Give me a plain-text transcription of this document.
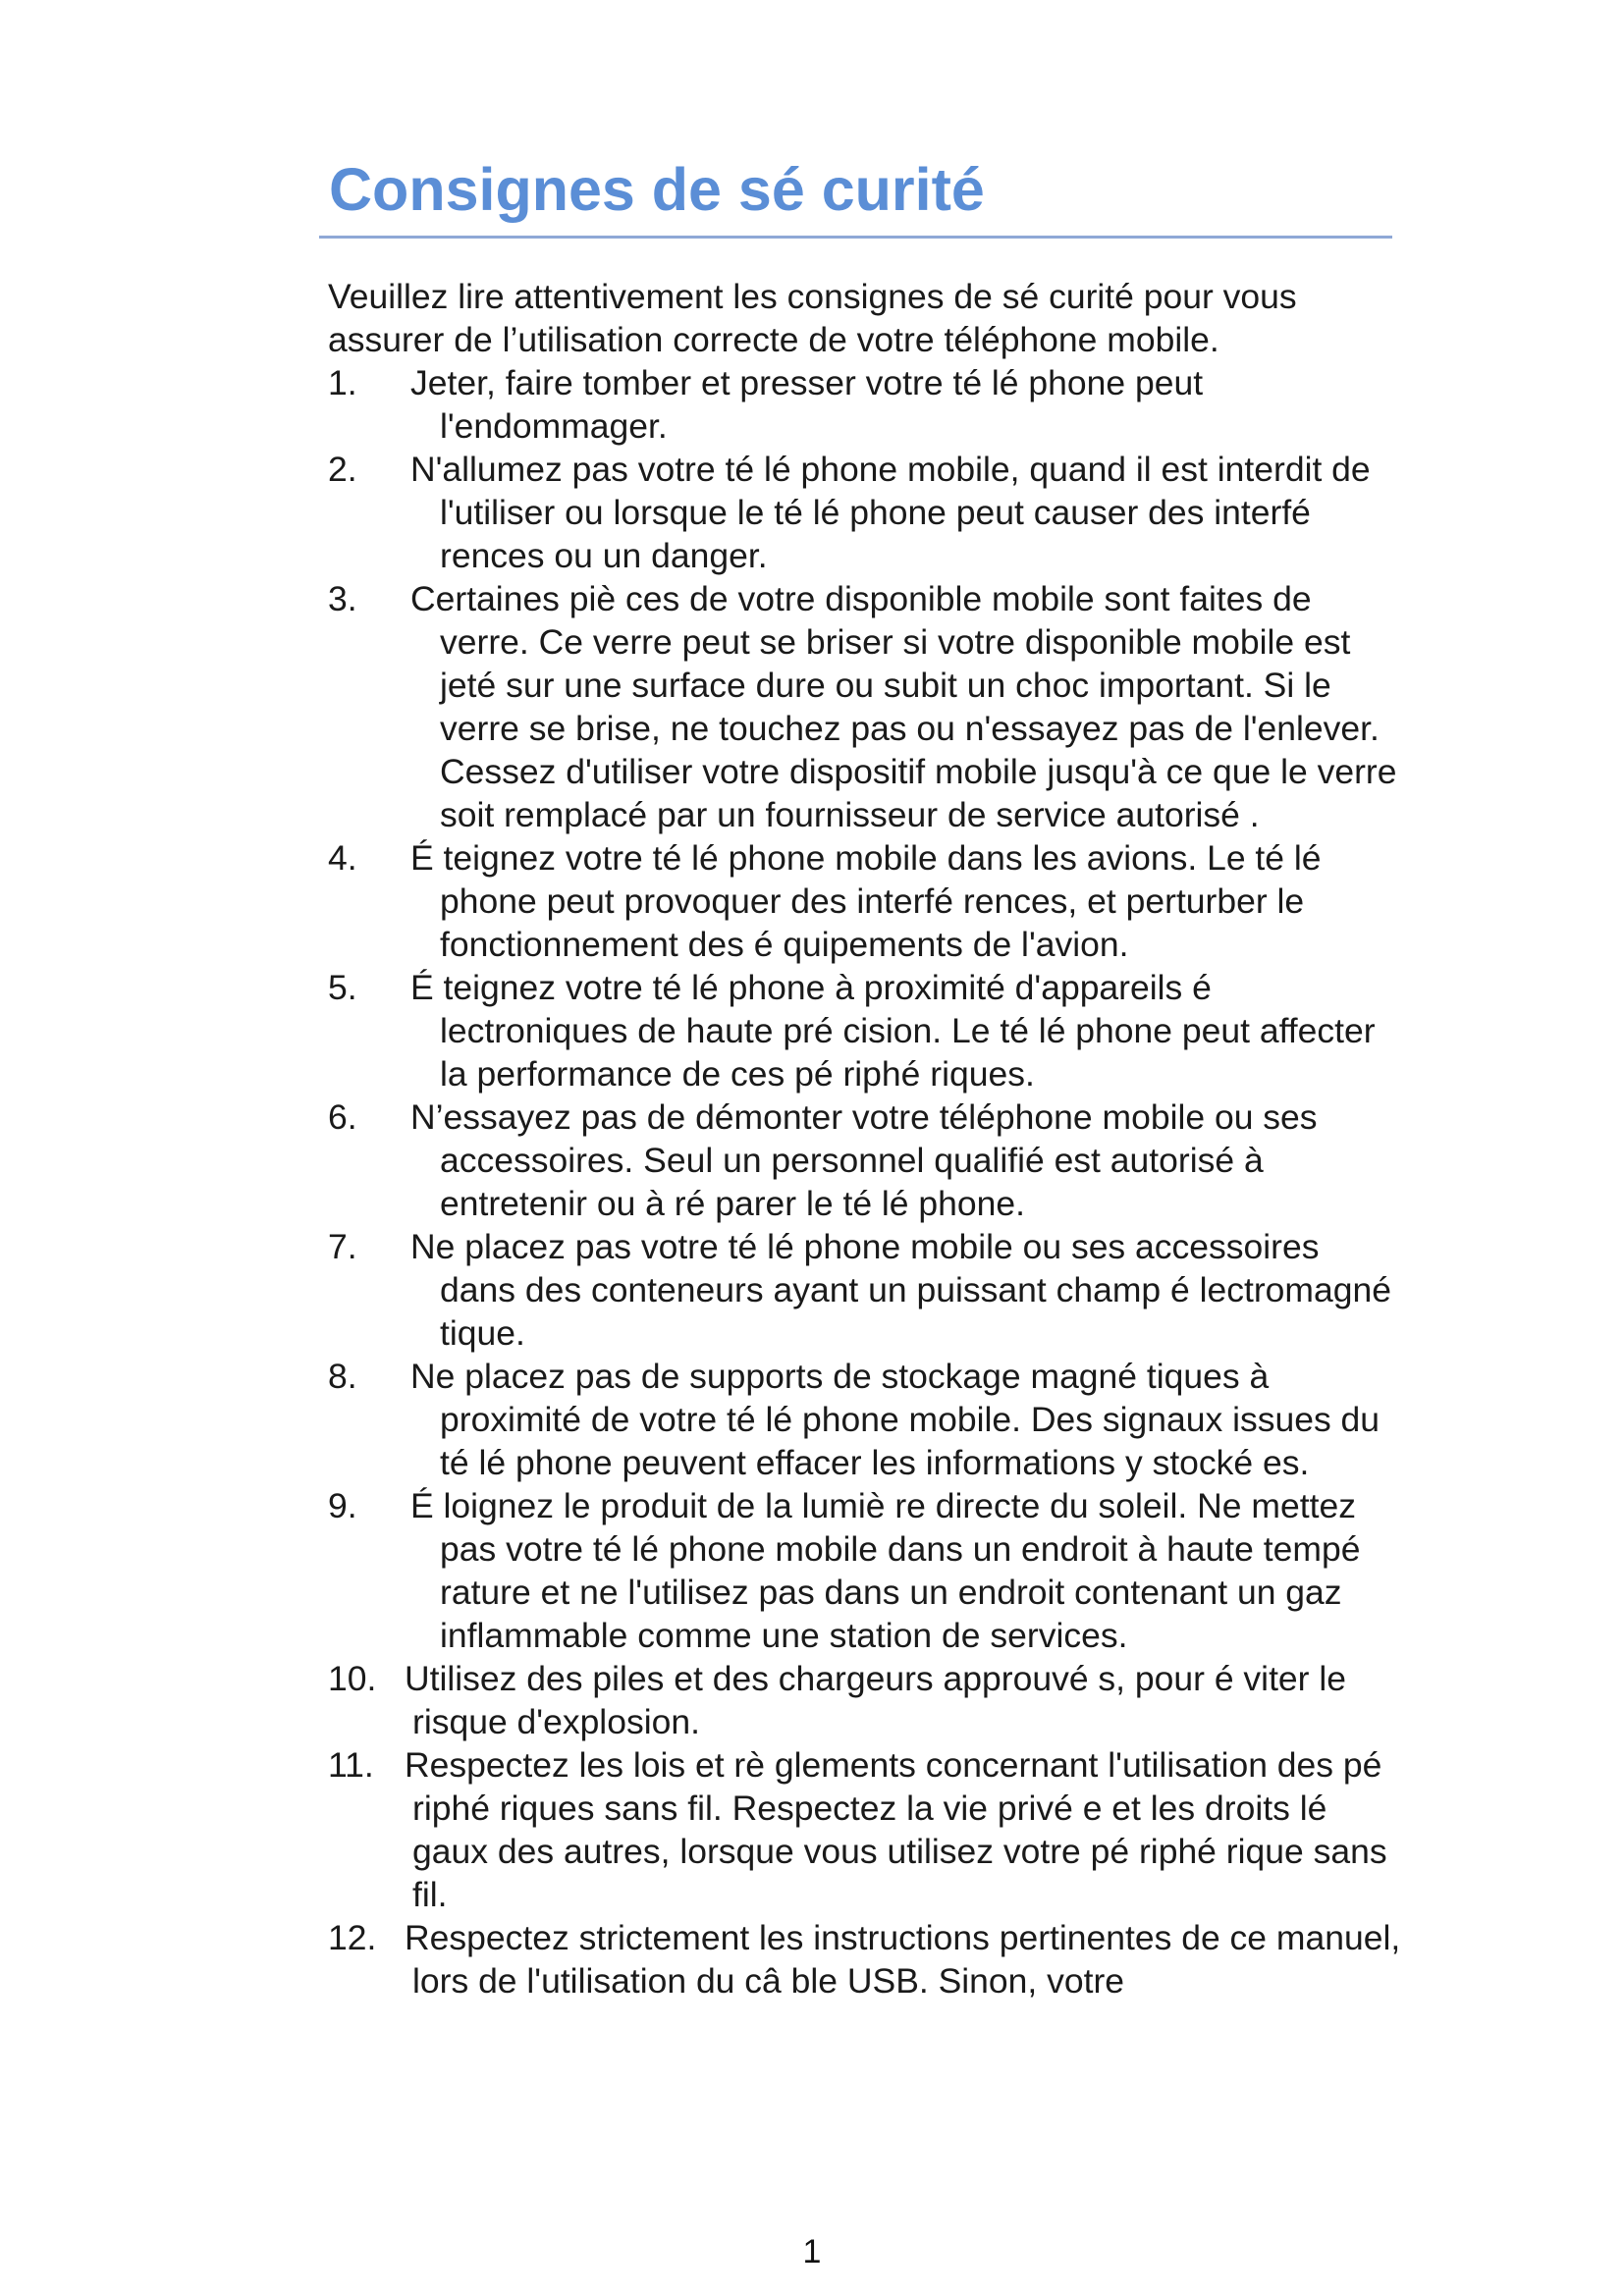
Consignes de sé curité

Veuillez lire attentivement les consignes de sé curité pour vous assurer de l’utilisation correcte de votre téléphone mobile.

1.	Jeter, faire tomber et presser votre té lé phone peut l'endommager.
2.	N'allumez pas votre té lé phone mobile, quand il est interdit de l'utiliser ou lorsque le té lé phone peut causer des interfé rences ou un danger.
3.	Certaines piè ces de votre disponible mobile sont faites de verre. Ce verre peut se briser si votre disponible mobile est jeté sur une surface dure ou subit un choc important. Si le verre se brise, ne touchez pas ou n'essayez pas de l'enlever. Cessez d'utiliser votre dispositif mobile jusqu'à ce que le verre soit remplacé par un fournisseur de service autorisé .
4.	É teignez votre té lé phone mobile dans les avions. Le té lé phone peut provoquer des interfé rences, et perturber le fonctionnement des é quipements de l'avion.
5.	É teignez votre té lé phone à proximité d'appareils é lectroniques de haute pré cision. Le té lé phone peut affecter la performance de ces pé riphé riques.
6.	N’essayez pas de démonter votre téléphone mobile ou ses accessoires. Seul un personnel qualifié est autorisé à entretenir ou à ré parer le té lé phone.
7.	Ne placez pas votre té lé phone mobile ou ses accessoires dans des conteneurs ayant un puissant champ é lectromagné tique.
8.	Ne placez pas de supports de stockage magné tiques à proximité de votre té lé phone mobile. Des signaux issues du té lé phone peuvent effacer les informations y stocké es.
9.	É loignez le produit de la lumiè re directe du soleil. Ne mettez pas votre té lé phone mobile dans un endroit à haute tempé rature et ne l'utilisez pas dans un endroit contenant un gaz inflammable comme une station de services.
10. Utilisez des piles et des chargeurs approuvé s, pour é viter le risque d'explosion.
11. Respectez les lois et rè glements concernant l'utilisation des pé riphé riques sans fil. Respectez la vie privé e et les droits lé gaux des autres, lorsque vous utilisez votre pé riphé rique sans fil.
12. Respectez strictement les instructions pertinentes de ce manuel, lors de l'utilisation du câ ble USB. Sinon, votre
1
